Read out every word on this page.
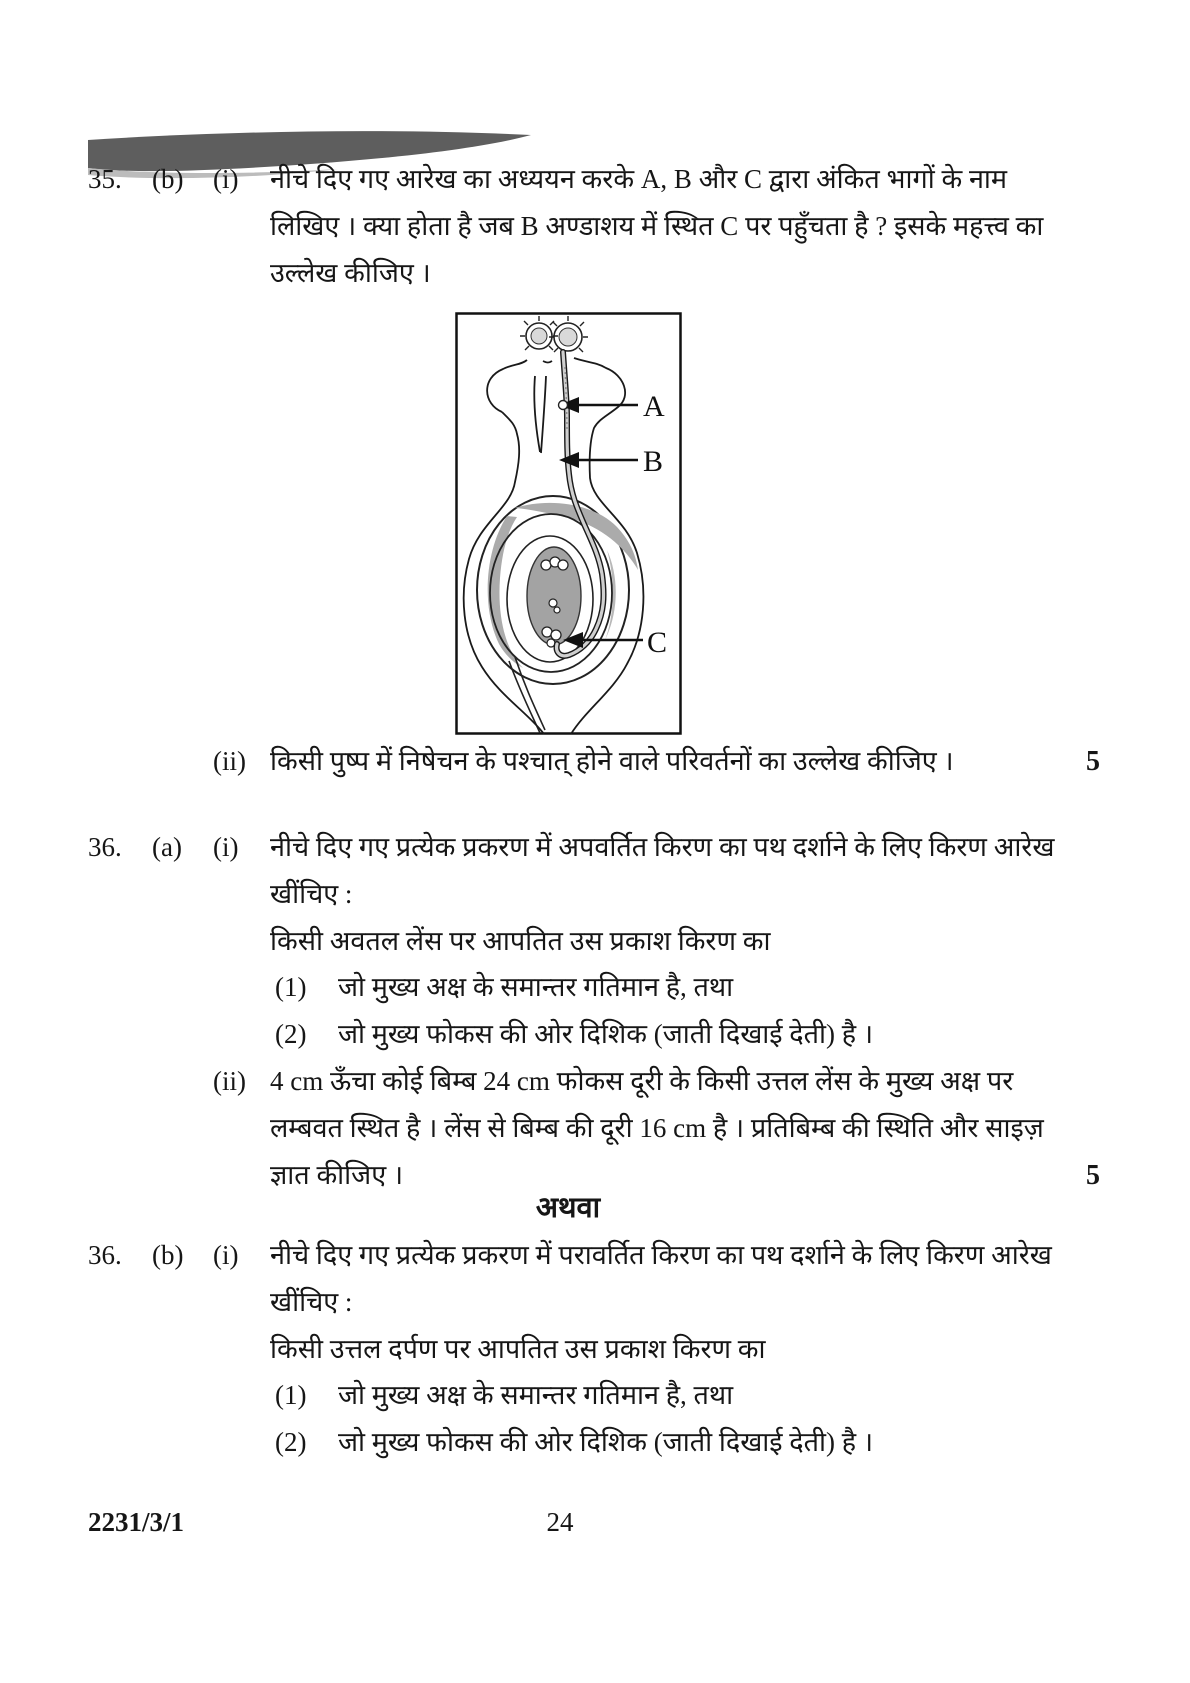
35.	(b)	(i)	नीचे दिए गए आरेख का अध्ययन करके A, B और C द्वारा अंकित भागों के नाम
लिखिए । क्या होता है जब B अण्डाशय में स्थित C पर पहुँचता है ? इसके महत्त्व का
उल्लेख कीजिए ।
A
B
C
(ii) किसी पुष्प में निषेचन के पश्चात् होने वाले परिवर्तनों का उल्लेख कीजिए ।	5
36.	(a)	(i)	नीचे दिए गए प्रत्येक प्रकरण में अपवर्तित किरण का पथ दर्शाने के लिए किरण आरेख
खींचिए :
किसी अवतल लेंस पर आपतित उस प्रकाश किरण का
(1)	जो मुख्य अक्ष के समान्तर गतिमान है, तथा
(2)	जो मुख्य फोकस की ओर दिशिक (जाती दिखाई देती) है ।
(ii) 4 cm ऊँचा कोई बिम्ब 24 cm फोकस दूरी के किसी उत्तल लेंस के मुख्य अक्ष पर
लम्बवत स्थित है । लेंस से बिम्ब की दूरी 16 cm है । प्रतिबिम्ब की स्थिति और साइज़
ज्ञात कीजिए ।	5
अथवा
36.	(b)	(i)	नीचे दिए गए प्रत्येक प्रकरण में परावर्तित किरण का पथ दर्शाने के लिए किरण आरेख
खींचिए :
किसी उत्तल दर्पण पर आपतित उस प्रकाश किरण का
(1)	जो मुख्य अक्ष के समान्तर गतिमान है, तथा
(2)	जो मुख्य फोकस की ओर दिशिक (जाती दिखाई देती) है ।
2231/3/1	24
